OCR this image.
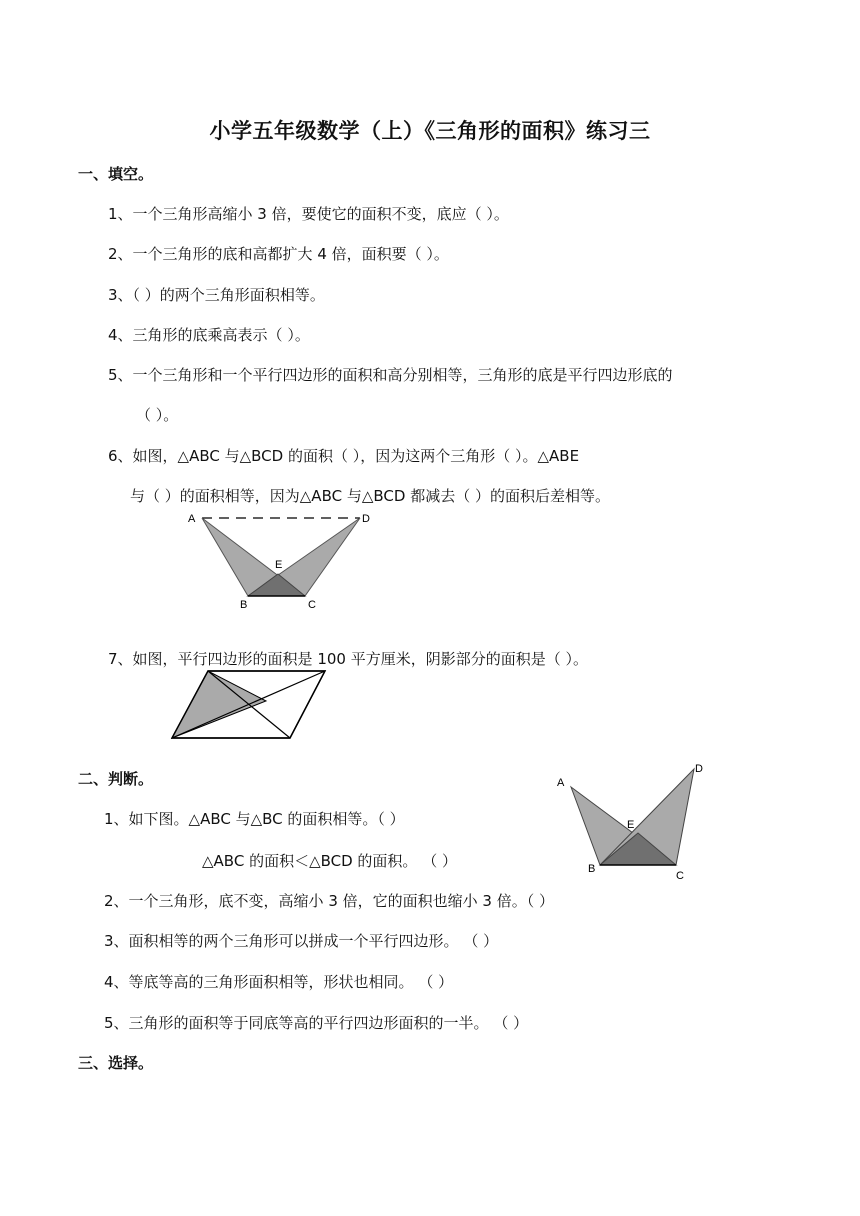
小学五年级数学（上）《三角形的面积》练习三
一、填空。
1、一个三角形高缩小 3 倍，要使它的面积不变，底应（ ）。
2、一个三角形的底和高都扩大 4 倍，面积要（ ）。
3、（ ）的两个三角形面积相等。
4、三角形的底乘高表示（ ）。
5、一个三角形和一个平行四边形的面积和高分别相等，三角形的底是平行四边形底的
（ ）。
6、如图，△ABC 与△BCD 的面积（ ），因为这两个三角形（ ）。△ABE
与（ ）的面积相等，因为△ABC 与△BCD 都减去（ ）的面积后差相等。
A	D
E
B	C
7、如图，平行四边形的面积是 100 平方厘米，阴影部分的面积是（ ）。
二、判断。
1、如下图。△ABC 与△BC 的面积相等。（ ）
△ABC 的面积＜△BCD 的面积。 （ ）
A
D
E
B
C
2、一个三角形，底不变，高缩小 3 倍，它的面积也缩小 3 倍。（ ）
3、面积相等的两个三角形可以拼成一个平行四边形。 （ ）
4、等底等高的三角形面积相等，形状也相同。 （ ）
5、三角形的面积等于同底等高的平行四边形面积的一半。 （ ）
三、选择。
